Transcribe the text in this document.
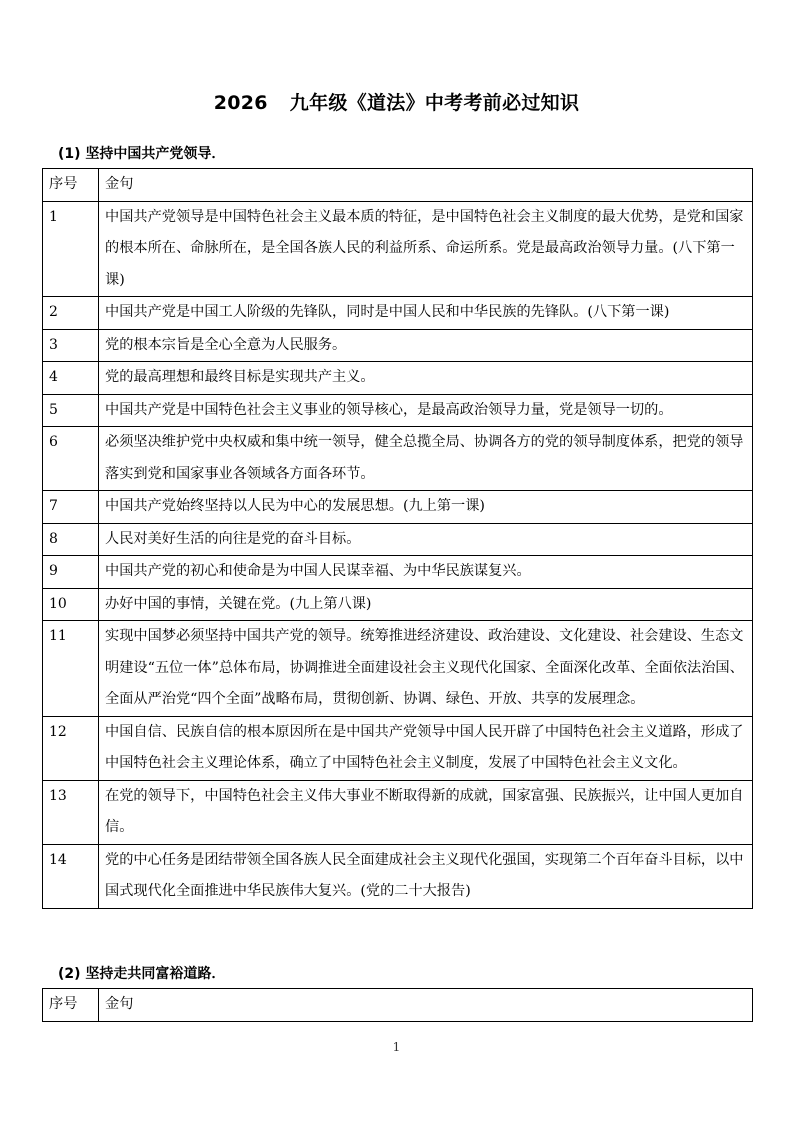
2026 九年级《道法》中考考前必过知识
(1) 坚持中国共产党领导．
序号	金句
1	中国共产党领导是中国特色社会主义最本质的特征，是中国特色社会主义制度的最大优势，是党和国家的根本所在、命脉所在，是全国各族人民的利益所系、命运所系。党是最高政治领导力量。(八下第一课)
2	中国共产党是中国工人阶级的先锋队，同时是中国人民和中华民族的先锋队。(八下第一课)
3	党的根本宗旨是全心全意为人民服务。
4	党的最高理想和最终目标是实现共产主义。
5	中国共产党是中国特色社会主义事业的领导核心，是最高政治领导力量，党是领导一切的。
6	必须坚决维护党中央权威和集中统一领导，健全总揽全局、协调各方的党的领导制度体系，把党的领导落实到党和国家事业各领域各方面各环节。
7	中国共产党始终坚持以人民为中心的发展思想。(九上第一课)
8	人民对美好生活的向往是党的奋斗目标。
9	中国共产党的初心和使命是为中国人民谋幸福、为中华民族谋复兴。
10	办好中国的事情，关键在党。(九上第八课)
11	实现中国梦必须坚持中国共产党的领导。统筹推进经济建设、政治建设、文化建设、社会建设、生态文明建设“五位一体”总体布局，协调推进全面建设社会主义现代化国家、全面深化改革、全面依法治国、全面从严治党“四个全面”战略布局，贯彻创新、协调、绿色、开放、共享的发展理念。
12	中国自信、民族自信的根本原因所在是中国共产党领导中国人民开辟了中国特色社会主义道路，形成了中国特色社会主义理论体系，确立了中国特色社会主义制度，发展了中国特色社会主义文化。
13	在党的领导下，中国特色社会主义伟大事业不断取得新的成就，国家富强、民族振兴，让中国人更加自信。
14	党的中心任务是团结带领全国各族人民全面建成社会主义现代化强国，实现第二个百年奋斗目标，以中国式现代化全面推进中华民族伟大复兴。(党的二十大报告)
(2) 坚持走共同富裕道路．
序号	金句
1
